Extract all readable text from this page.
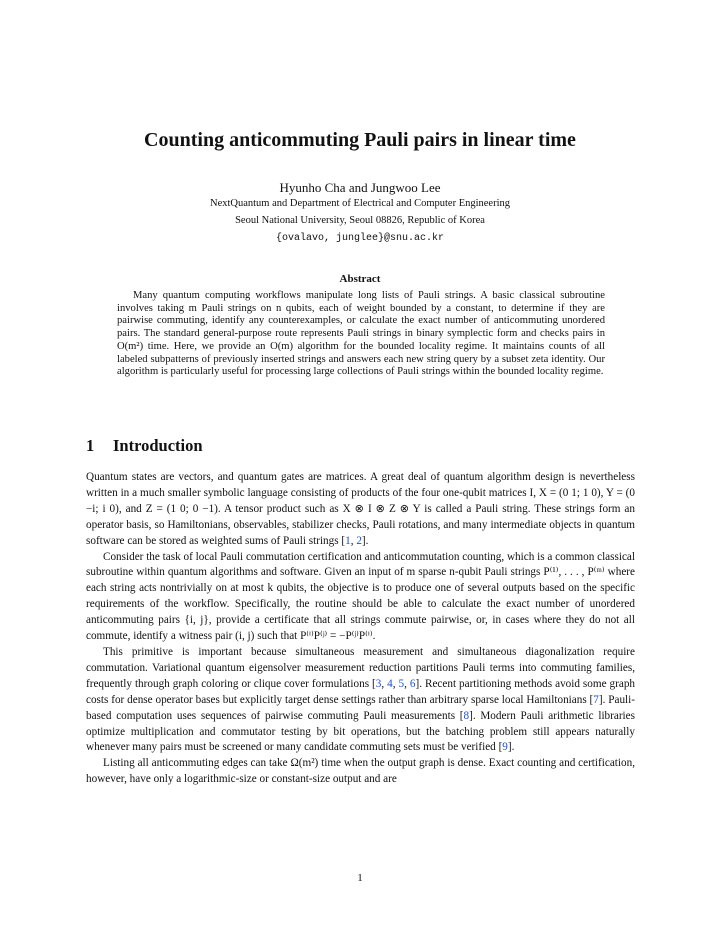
Counting anticommuting Pauli pairs in linear time
Hyunho Cha and Jungwoo Lee
NextQuantum and Department of Electrical and Computer Engineering
Seoul National University, Seoul 08826, Republic of Korea
{ovalavo, junglee}@snu.ac.kr
Abstract
Many quantum computing workflows manipulate long lists of Pauli strings. A basic classical subroutine involves taking m Pauli strings on n qubits, each of weight bounded by a constant, to determine if they are pairwise commuting, identify any counterexamples, or calculate the exact number of anticommuting unordered pairs. The standard general-purpose route represents Pauli strings in binary symplectic form and checks pairs in O(m²) time. Here, we provide an O(m) algorithm for the bounded locality regime. It maintains counts of all labeled subpatterns of previously inserted strings and answers each new string query by a subset zeta identity. Our algorithm is particularly useful for processing large collections of Pauli strings within the bounded locality regime.
1 Introduction

Quantum states are vectors, and quantum gates are matrices. A great deal of quantum algorithm design is nevertheless written in a much smaller symbolic language consisting of products of the four one-qubit matrices I, X = (0 1; 1 0), Y = (0 −i; i 0), and Z = (1 0; 0 −1). A tensor product such as X ⊗ I ⊗ Z ⊗ Y is called a Pauli string. These strings form an operator basis, so Hamiltonians, observables, stabilizer checks, Pauli rotations, and many intermediate objects in quantum software can be stored as weighted sums of Pauli strings [1, 2].

Consider the task of local Pauli commutation certification and anticommutation counting, which is a common classical subroutine within quantum algorithms and software. Given an input of m sparse n-qubit Pauli strings P⁽¹⁾, . . . , P⁽ᵐ⁾ where each string acts nontrivially on at most k qubits, the objective is to produce one of several outputs based on the specific requirements of the workflow. Specifically, the routine should be able to calculate the exact number of unordered anticommuting pairs {i, j}, provide a certificate that all strings commute pairwise, or, in cases where they do not all commute, identify a witness pair (i, j) such that P⁽ⁱ⁾P⁽ʲ⁾ = −P⁽ʲ⁾P⁽ⁱ⁾.

This primitive is important because simultaneous measurement and simultaneous diagonalization require commutation. Variational quantum eigensolver measurement reduction partitions Pauli terms into commuting families, frequently through graph coloring or clique cover formulations [3, 4, 5, 6]. Recent partitioning methods avoid some graph costs for dense operator bases but explicitly target dense settings rather than arbitrary sparse local Hamiltonians [7]. Pauli-based computation uses sequences of pairwise commuting Pauli measurements [8]. Modern Pauli arithmetic libraries optimize multiplication and commutator testing by bit operations, but the batching problem still appears naturally whenever many pairs must be screened or many candidate commuting sets must be verified [9].

Listing all anticommuting edges can take Ω(m²) time when the output graph is dense. Exact counting and certification, however, have only a logarithmic-size or constant-size output and are

1
